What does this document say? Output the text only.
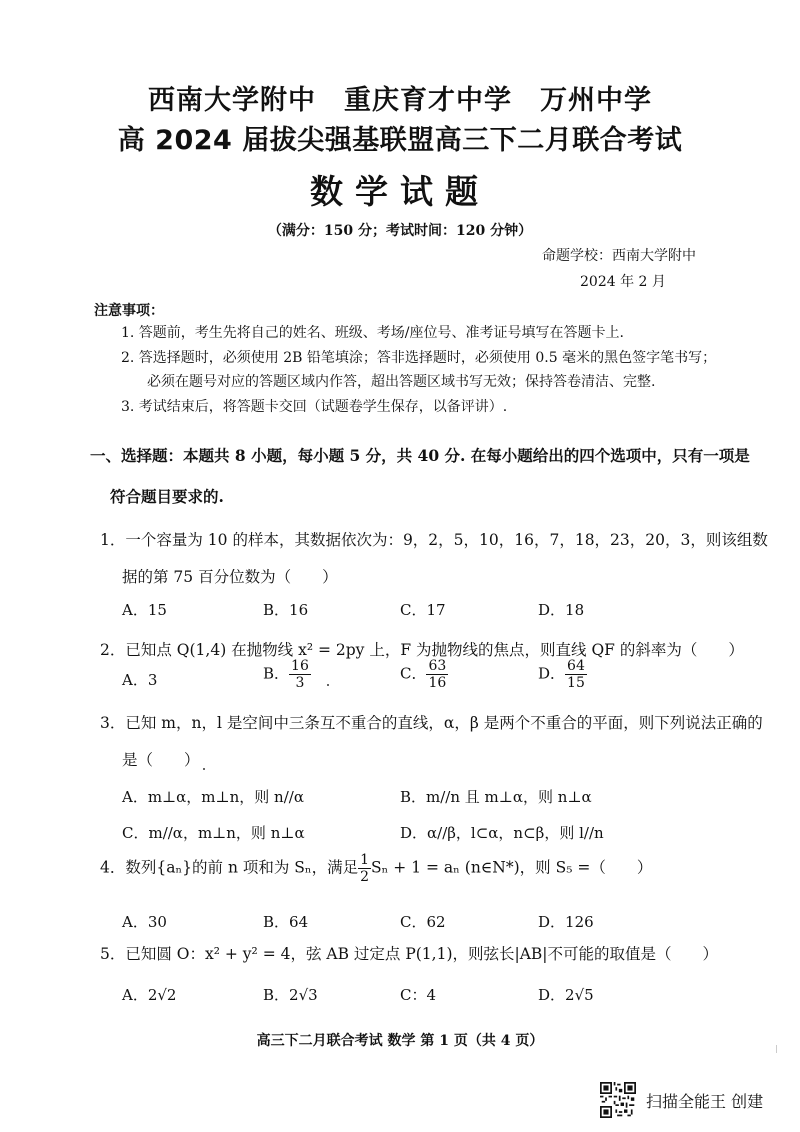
西南大学附中　重庆育才中学　万州中学
高 2024 届拔尖强基联盟高三下二月联合考试
数学试题
（满分：150 分；考试时间：120 分钟）
命题学校：西南大学附中
2024 年 2 月
注意事项：
1. 答题前，考生先将自己的姓名、班级、考场/座位号、准考证号填写在答题卡上.
2. 答选择题时，必须使用 2B 铅笔填涂；答非选择题时，必须使用 0.5 毫米的黑色签字笔书写；
必须在题号对应的答题区域内作答，超出答题区域书写无效；保持答卷清洁、完整.
3. 考试结束后，将答题卡交回（试题卷学生保存，以备评讲）.
一、选择题：本题共 8 小题，每小题 5 分，共 40 分. 在每小题给出的四个选项中，只有一项是
符合题目要求的.
1．一个容量为 10 的样本，其数据依次为：9，2，5，10，16，7，18，23，20，3，则该组数
据的第 75 百分位数为（　　）
A．15	B．16	C．17	D．18
2．已知点 Q(1,4) 在抛物线 x² = 2py 上，F 为抛物线的焦点，则直线 QF 的斜率为（　　）
A．3	B． $\frac{16}{3}$	C． $\frac{63}{16}$	D． $\frac{64}{15}$
3．已知 m，n，l 是空间中三条互不重合的直线，α，β 是两个不重合的平面，则下列说法正确的
是（　　）
A．m⊥α，m⊥n，则 n//α	B．m//n 且 m⊥α，则 n⊥α
C．m//α，m⊥n，则 n⊥α	D．α//β，l⊂α，n⊂β，则 l//n
4．数列{aₙ}的前 n 项和为 Sₙ，满足 $\frac{1}{2}$ Sₙ + 1 = aₙ (n∈N*)，则 S₅ =（　　）
A．30	B．64	C．62	D．126
5．已知圆 O：x² + y² = 4，弦 AB 过定点 P(1,1)，则弦长|AB|不可能的取值是（　　）
A．2√2	B．2√3	C：4	D．2√5
高三下二月联合考试 数学 第 1 页（共 4 页）
扫描全能王 创建
